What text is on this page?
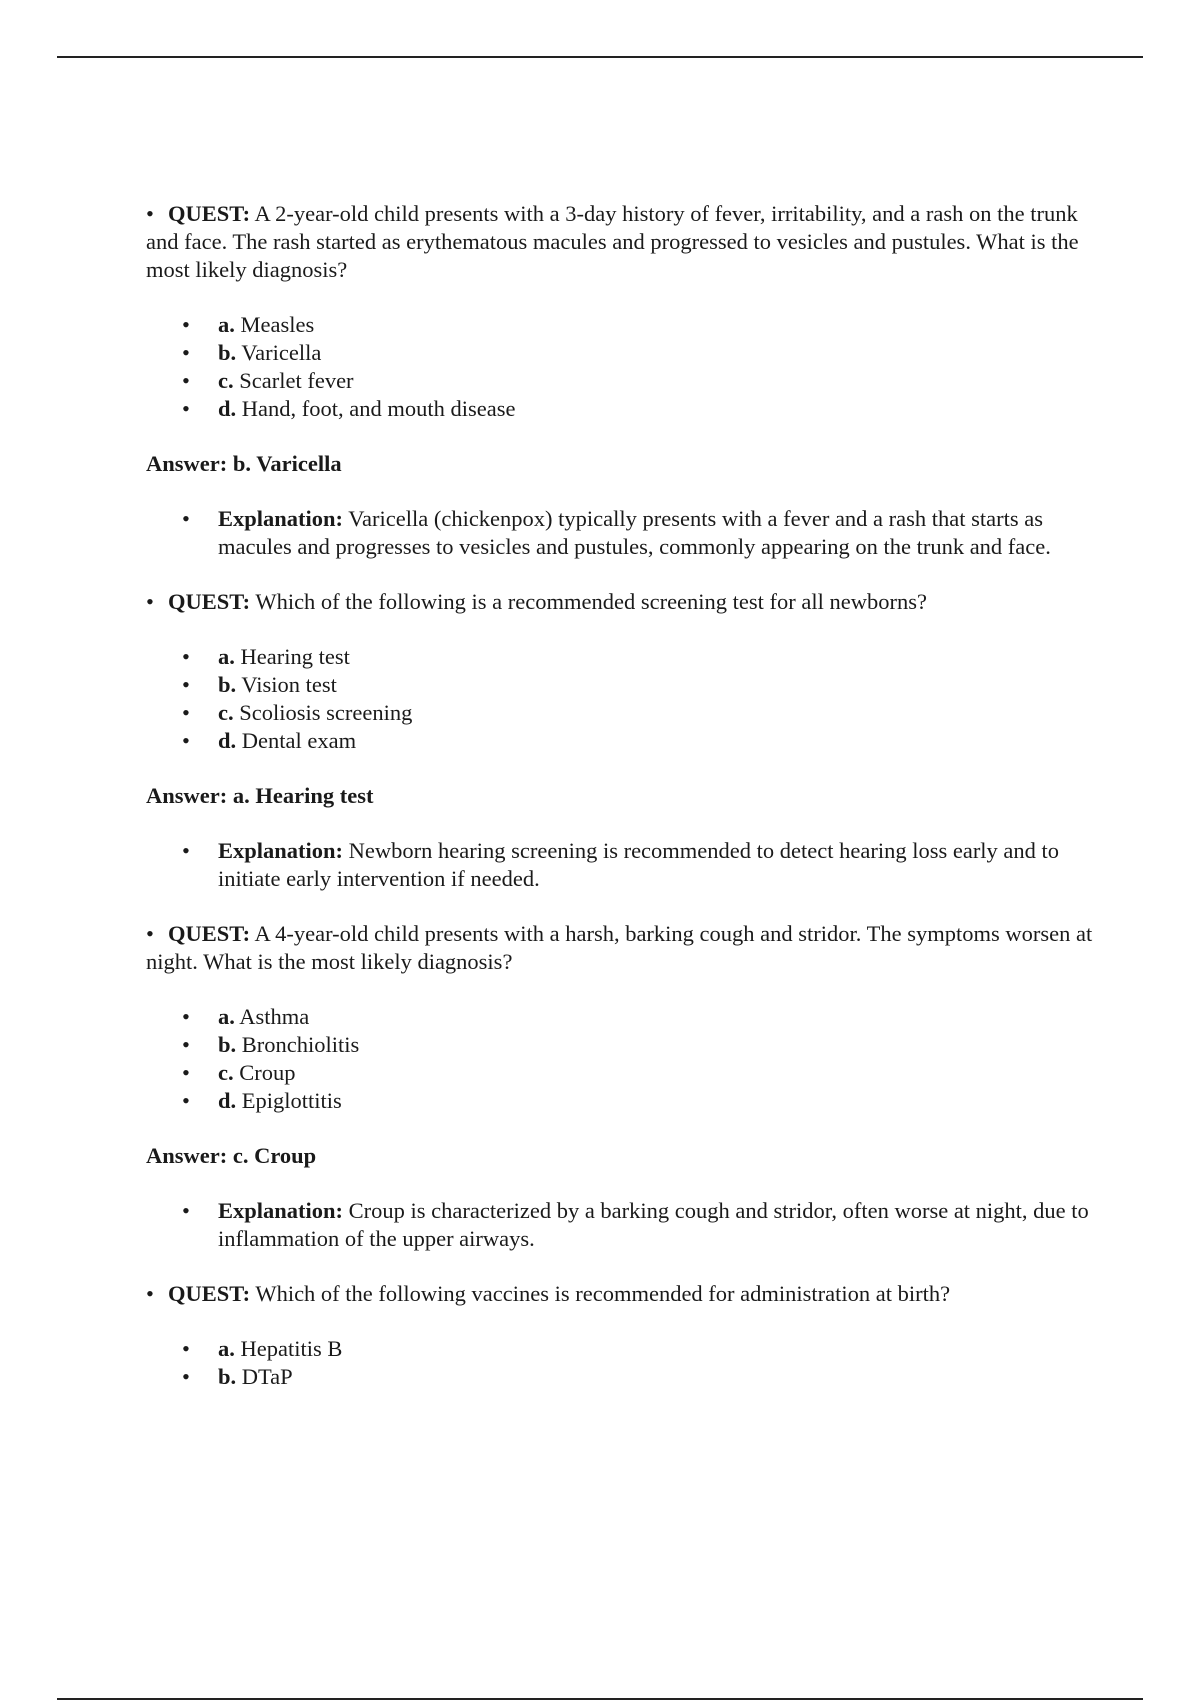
• QUEST: A 2-year-old child presents with a 3-day history of fever, irritability, and a rash on the trunk and face. The rash started as erythematous macules and progressed to vesicles and pustules. What is the most likely diagnosis?

• a. Measles
• b. Varicella
• c. Scarlet fever
• d. Hand, foot, and mouth disease

Answer: b. Varicella

• Explanation: Varicella (chickenpox) typically presents with a fever and a rash that starts as macules and progresses to vesicles and pustules, commonly appearing on the trunk and face.

• QUEST: Which of the following is a recommended screening test for all newborns?

• a. Hearing test
• b. Vision test
• c. Scoliosis screening
• d. Dental exam

Answer: a. Hearing test

• Explanation: Newborn hearing screening is recommended to detect hearing loss early and to initiate early intervention if needed.

• QUEST: A 4-year-old child presents with a harsh, barking cough and stridor. The symptoms worsen at night. What is the most likely diagnosis?

• a. Asthma
• b. Bronchiolitis
• c. Croup
• d. Epiglottitis

Answer: c. Croup

• Explanation: Croup is characterized by a barking cough and stridor, often worse at night, due to inflammation of the upper airways.

• QUEST: Which of the following vaccines is recommended for administration at birth?

• a. Hepatitis B
• b. DTaP
